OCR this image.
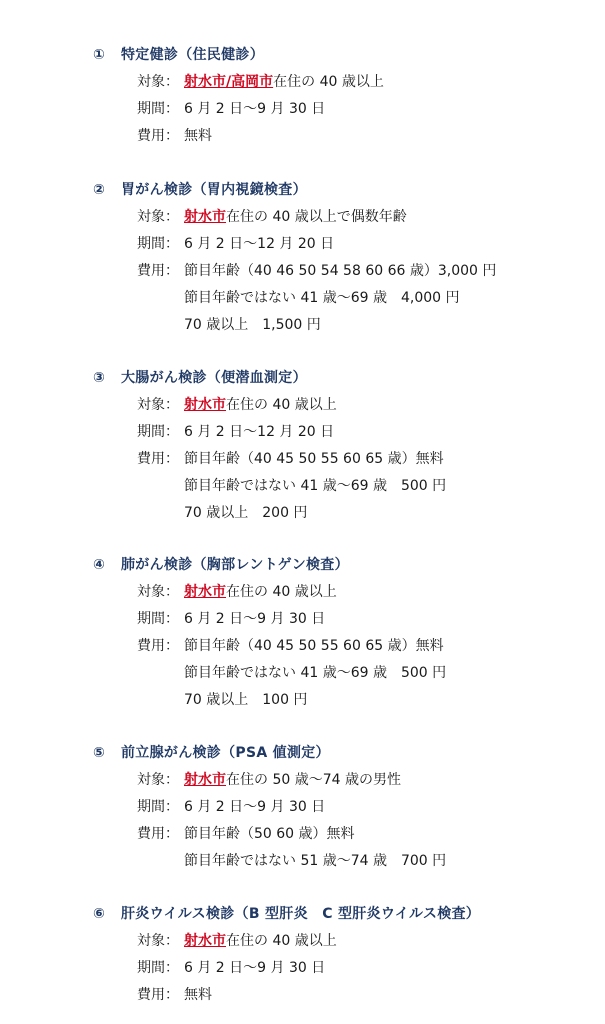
①	特定健診（住民健診）
対象： 射水市/高岡市在住の 40 歳以上
期間： 6 月 2 日～9 月 30 日
費用： 無料
②	胃がん検診（胃内視鏡検査）
対象： 射水市在住の 40 歳以上で偶数年齢
期間： 6 月 2 日～12 月 20 日
費用： 節目年齢（40 46 50 54 58 60 66 歳）3,000 円
節目年齢ではない 41 歳～69 歳　4,000 円
70 歳以上　1,500 円
③	大腸がん検診（便潜血測定）
対象： 射水市在住の 40 歳以上
期間： 6 月 2 日～12 月 20 日
費用： 節目年齢（40 45 50 55 60 65 歳）無料
節目年齢ではない 41 歳～69 歳　500 円
70 歳以上　200 円
④	肺がん検診（胸部レントゲン検査）
対象： 射水市在住の 40 歳以上
期間： 6 月 2 日～9 月 30 日
費用： 節目年齢（40 45 50 55 60 65 歳）無料
節目年齢ではない 41 歳～69 歳　500 円
70 歳以上　100 円
⑤	前立腺がん検診（PSA 値測定）
対象： 射水市在住の 50 歳～74 歳の男性
期間： 6 月 2 日～9 月 30 日
費用： 節目年齢（50 60 歳）無料
節目年齢ではない 51 歳～74 歳　700 円
⑥	肝炎ウイルス検診（B 型肝炎　C 型肝炎ウイルス検査）
対象： 射水市在住の 40 歳以上
期間： 6 月 2 日～9 月 30 日
費用： 無料
